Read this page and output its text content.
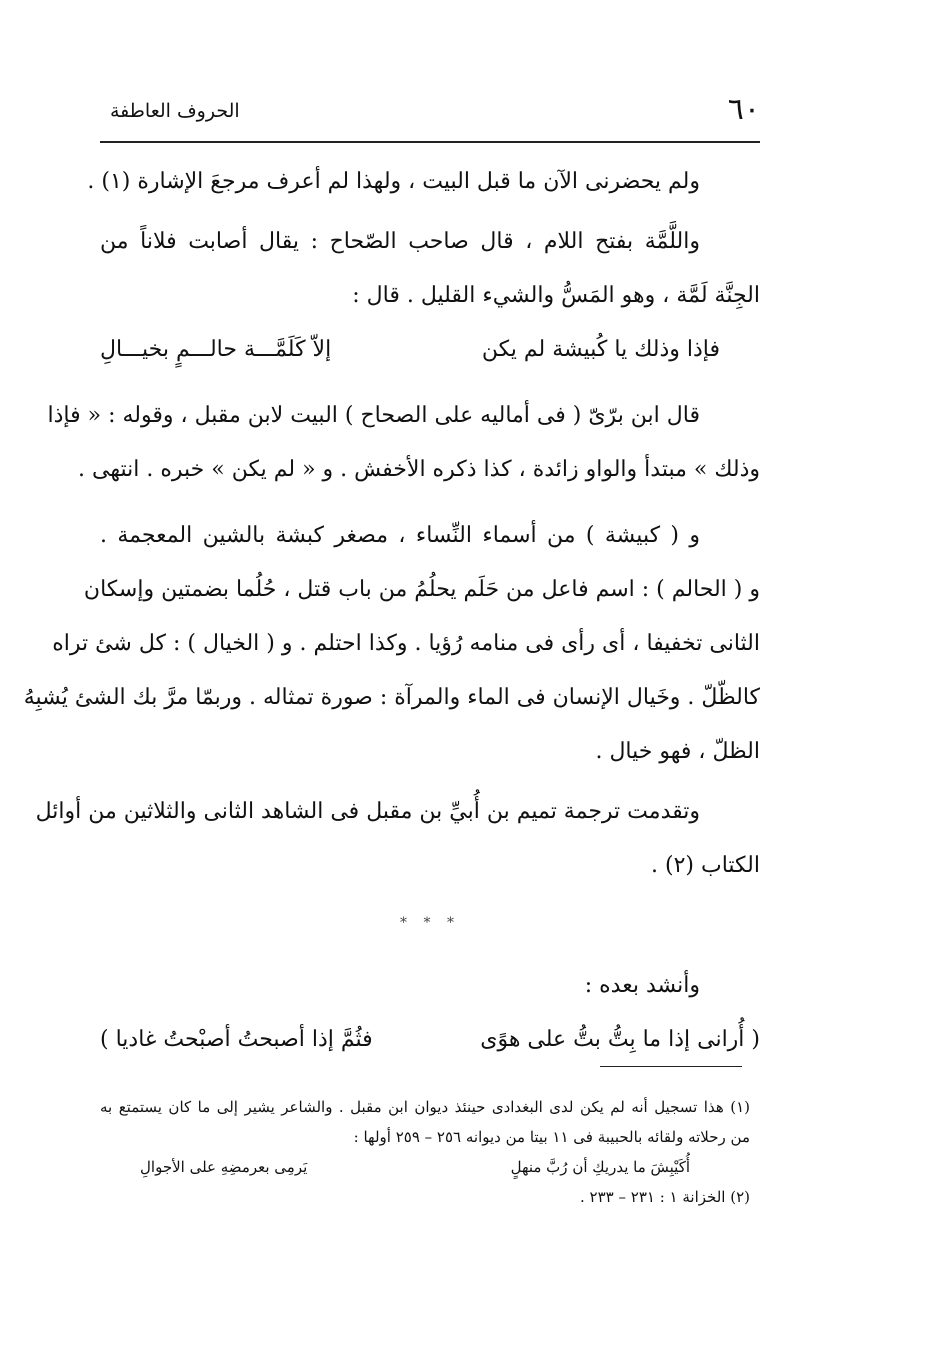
٦٠
الحروف العاطفة
ولم يحضرنى الآن ما قبل البيت ، ولهذا لم أعرف مرجعَ الإشارة (١) .
واللَّمَّة بفتح اللام ، قال صاحب الصّحاح : يقال أصابت فلاناً من
الجِنَّة لَمَّة ، وهو المَسُّ والشيء القليل . قال :
فإذا وذلك يا كُبيشة لم يكن
إلاّ كَلَمَّـــة حالـــمٍ بخيـــالِ
قال ابن برّىّ ( فى أماليه على الصحاح ) البيت لابن مقبل ، وقوله : « فإذا
وذلك » مبتدأ والواو زائدة ، كذا ذكره الأخفش . و « لم يكن » خبره . انتهى .
و ( كبيشة ) من أسماء النِّساء ، مصغر كبشة بالشين المعجمة .
و ( الحالم ) : اسم فاعل من حَلَم يحلُمُ من باب قتل ، حُلُما بضمتين وإسكان
الثانى تخفيفا ، أى رأى فى منامه رُؤيا . وكذا احتلم . و ( الخيال ) : كل شئ تراه
كالظّلّ . وخَيال الإنسان فى الماء والمرآة : صورة تمثاله . وربمّا مرَّ بك الشئ يُشبِهُ
الظلّ ، فهو خيال .
وتقدمت ترجمة تميم بن أُبيِّ بن مقبل فى الشاهد الثانى والثلاثين من أوائل
الكتاب (٢) .
* * *
وأنشد بعده :
فثُمَّ إذا أصبحتُ أصبْحتُ غاديا )	( أُرانى إذا ما بِتُّ بتُّ على هوًى
(١) هذا تسجيل أنه لم يكن لدى البغدادى حينئذ ديوان ابن مقبل . والشاعر يشير إلى ما كان يستمتع به
من رحلاته ولقائه بالحبيبة فى ١١ بيتا من ديوانه ٢٥٦ – ٢٥٩ أولها :
أُكَيْبِشَ ما يدريكِ أن رُبَّ منهلٍ
يَرمِى بعرمضِهِ على الأجوالِ
(٢) الخزانة ١ : ٢٣١ – ٢٣٣ .
